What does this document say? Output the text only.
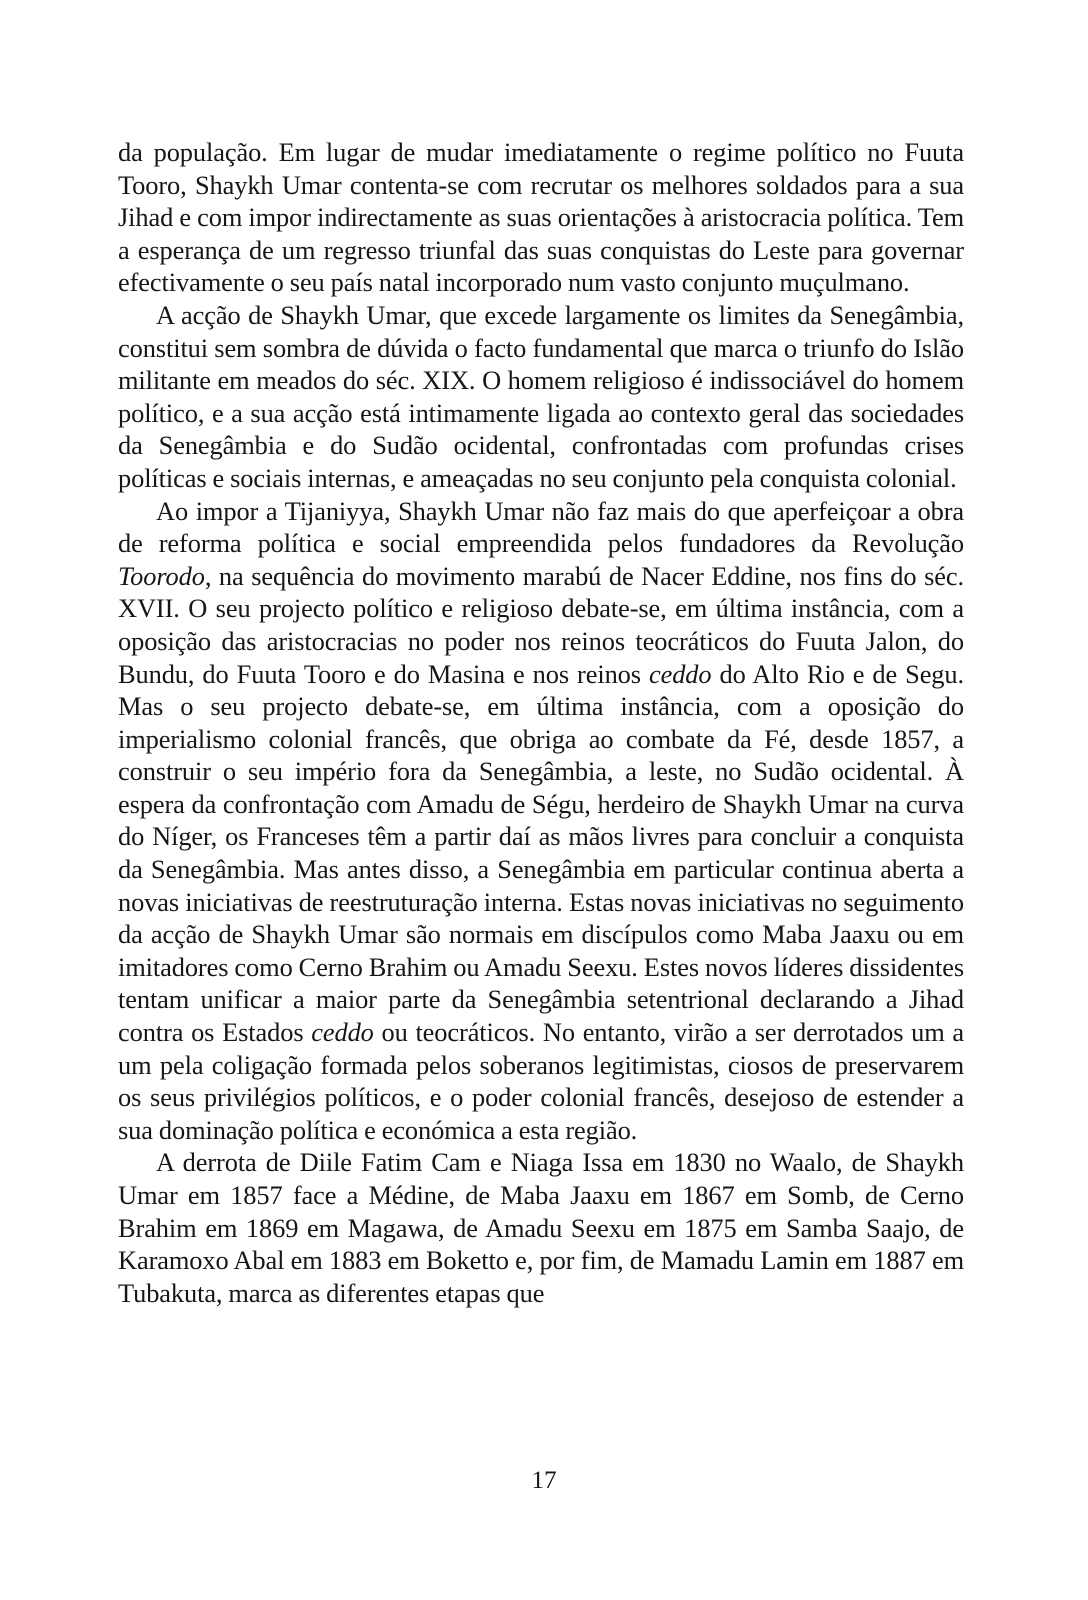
da população. Em lugar de mudar imediatamente o regime político no Fuuta Tooro, Shaykh Umar contenta-se com recrutar os melhores soldados para a sua Jihad e com impor indirectamente as suas orientações à aristocracia política. Tem a esperança de um regresso triunfal das suas conquistas do Leste para governar efectivamente o seu país natal incorporado num vasto conjunto muçulmano.

A acção de Shaykh Umar, que excede largamente os limites da Senegâmbia, constitui sem sombra de dúvida o facto fundamental que marca o triunfo do Islão militante em meados do séc. XIX. O homem religioso é indissociável do homem político, e a sua acção está intimamente ligada ao contexto geral das sociedades da Senegâmbia e do Sudão ocidental, confrontadas com profundas crises políticas e sociais internas, e ameaçadas no seu conjunto pela conquista colonial.

Ao impor a Tijaniyya, Shaykh Umar não faz mais do que aperfeiçoar a obra de reforma política e social empreendida pelos fundadores da Revolução Toorodo, na sequência do movimento marabú de Nacer Eddine, nos fins do séc. XVII. O seu projecto político e religioso debate-se, em última instância, com a oposição das aristocracias no poder nos reinos teocráticos do Fuuta Jalon, do Bundu, do Fuuta Tooro e do Masina e nos reinos ceddo do Alto Rio e de Segu. Mas o seu projecto debate-se, em última instância, com a oposição do imperialismo colonial francês, que obriga ao combate da Fé, desde 1857, a construir o seu império fora da Senegâmbia, a leste, no Sudão ocidental. À espera da confrontação com Amadu de Ségu, herdeiro de Shaykh Umar na curva do Níger, os Franceses têm a partir daí as mãos livres para concluir a conquista da Senegâmbia. Mas antes disso, a Senegâmbia em particular continua aberta a novas iniciativas de reestruturação interna. Estas novas iniciativas no seguimento da acção de Shaykh Umar são normais em discípulos como Maba Jaaxu ou em imitadores como Cerno Brahim ou Amadu Seexu. Estes novos líderes dissidentes tentam unificar a maior parte da Senegâmbia setentrional declarando a Jihad contra os Estados ceddo ou teocráticos. No entanto, virão a ser derrotados um a um pela coligação formada pelos soberanos legitimistas, ciosos de preservarem os seus privilégios políticos, e o poder colonial francês, desejoso de estender a sua dominação política e económica a esta região.

A derrota de Diile Fatim Cam e Niaga Issa em 1830 no Waalo, de Shaykh Umar em 1857 face a Médine, de Maba Jaaxu em 1867 em Somb, de Cerno Brahim em 1869 em Magawa, de Amadu Seexu em 1875 em Samba Saajo, de Karamoxo Abal em 1883 em Boketto e, por fim, de Mamadu Lamin em 1887 em Tubakuta, marca as diferentes etapas que

17
